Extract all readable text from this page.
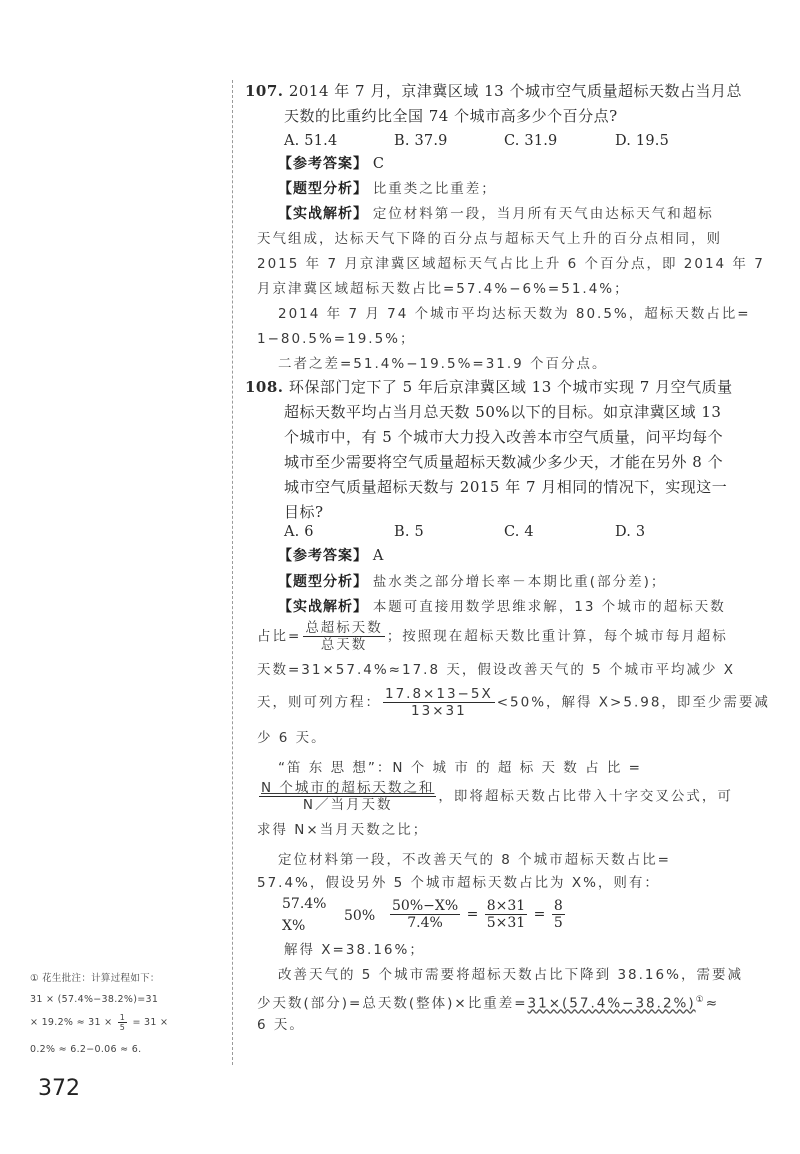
107. 2014 年 7 月，京津冀区域 13 个城市空气质量超标天数占当月总
天数的比重约比全国 74 个城市高多少个百分点?
A. 51.4	B. 37.9	C. 31.9	D. 19.5
【参考答案】 C
【题型分析】 比重类之比重差；
【实战解析】 定位材料第一段，当月所有天气由达标天气和超标
天气组成，达标天气下降的百分点与超标天气上升的百分点相同，则
2015 年 7 月京津冀区域超标天气占比上升 6 个百分点，即 2014 年 7
月京津冀区域超标天数占比=57.4%−6%=51.4%；
2014 年 7 月 74 个城市平均达标天数为 80.5%，超标天数占比=
1−80.5%=19.5%；
二者之差=51.4%−19.5%=31.9 个百分点。
108. 环保部门定下了 5 年后京津冀区域 13 个城市实现 7 月空气质量
超标天数平均占当月总天数 50%以下的目标。如京津冀区域 13
个城市中，有 5 个城市大力投入改善本市空气质量，问平均每个
城市至少需要将空气质量超标天数减少多少天，才能在另外 8 个
城市空气质量超标天数与 2015 年 7 月相同的情况下，实现这一
目标?
A. 6	B. 5	C. 4	D. 3
【参考答案】 A
【题型分析】 盐水类之部分增长率－本期比重(部分差)；
【实战解析】 本题可直接用数学思维求解，13 个城市的超标天数
占比= $\frac{\text{总超标天数}}{\text{总天数}}$ ；按照现在超标天数比重计算，每个城市每月超标
天数=31×57.4%≈17.8 天，假设改善天气的 5 个城市平均减少 X
天，则可列方程： $\frac{17.8\times 13-5X}{13\times 31} <50\%$，解得 X>5.98，即至少需要减
少 6 天。
“笛 东 思 想”：N 个 城 市 的 超 标 天 数 占 比 =
$\frac{\text{N 个城市的超标天数之和}}{\text{N／当月天数}}$ ，即将超标天数占比带入十字交叉公式，可
求得 N×当月天数之比；
定位材料第一段，不改善天气的 8 个城市超标天数占比=
57.4%，假设另外 5 个城市超标天数占比为 X%，则有：
57.4%
X%
$50\% \frac{50\%-X\%}{7.4\%} = \frac{8\times 31}{5\times 31} = \frac{8}{5}$
解得 X=38.16%；
改善天气的 5 个城市需要将超标天数占比下降到 38.16%，需要减
少天数(部分)=总天数(整体)×比重差=31×(57.4%−38.2%)①≈
6 天。
① 花生批注：计算过程如下：
31 × (57.4%−38.2%)=31
× $19.2\% \approx 31 \times \frac{1}{5} = 31$ ×
0.2% ≈ 6.2−0.06 ≈ 6.
372
